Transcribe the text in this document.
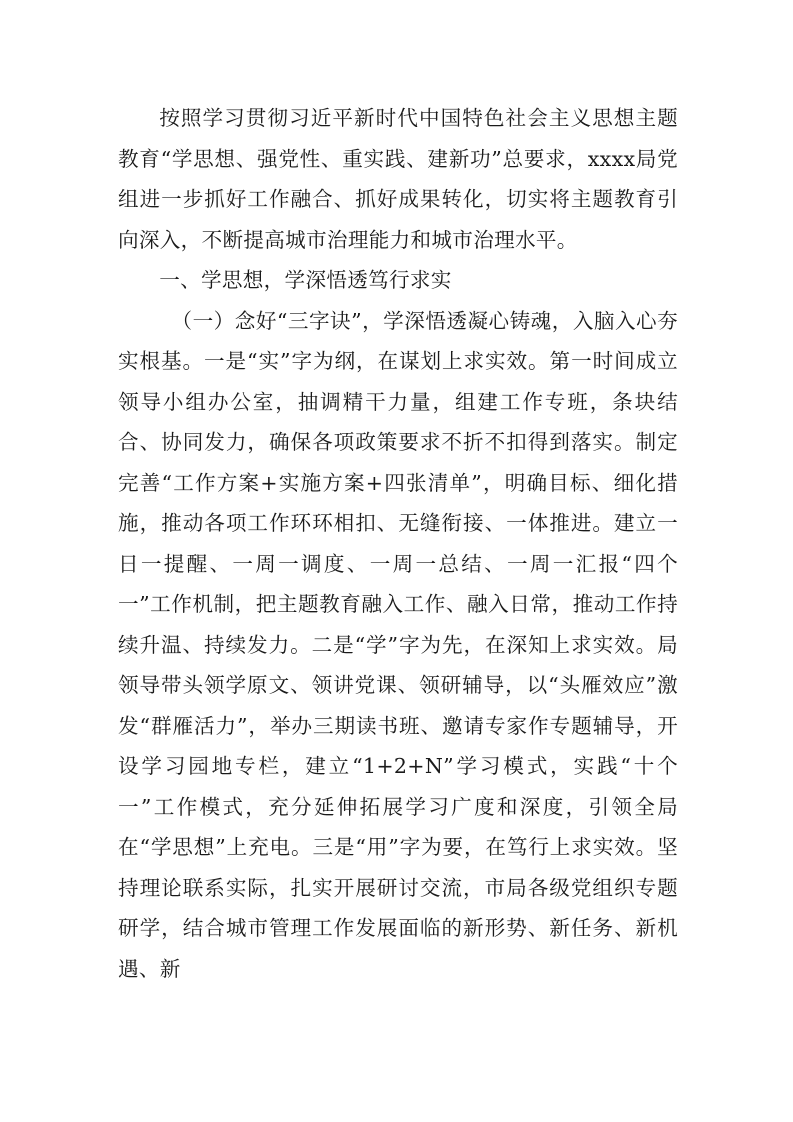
按照学习贯彻习近平新时代中国特色社会主义思想主题教育“学思想、强党性、重实践、建新功”总要求，xxxx局党组进一步抓好工作融合、抓好成果转化，切实将主题教育引向深入，不断提高城市治理能力和城市治理水平。

一、学思想，学深悟透笃行求实

（一）念好“三字诀”，学深悟透凝心铸魂，入脑入心夯实根基。一是“实”字为纲，在谋划上求实效。第一时间成立领导小组办公室，抽调精干力量，组建工作专班，条块结合、协同发力，确保各项政策要求不折不扣得到落实。制定完善“工作方案+实施方案+四张清单”，明确目标、细化措施，推动各项工作环环相扣、无缝衔接、一体推进。建立一日一提醒、一周一调度、一周一总结、一周一汇报“四个一”工作机制，把主题教育融入工作、融入日常，推动工作持续升温、持续发力。二是“学”字为先，在深知上求实效。局领导带头领学原文、领讲党课、领研辅导，以“头雁效应”激发“群雁活力”，举办三期读书班、邀请专家作专题辅导，开设学习园地专栏，建立“1+2+N”学习模式，实践“十个一”工作模式，充分延伸拓展学习广度和深度，引领全局在“学思想”上充电。三是“用”字为要，在笃行上求实效。坚持理论联系实际，扎实开展研讨交流，市局各级党组织专题研学，结合城市管理工作发展面临的新形势、新任务、新机遇、新
